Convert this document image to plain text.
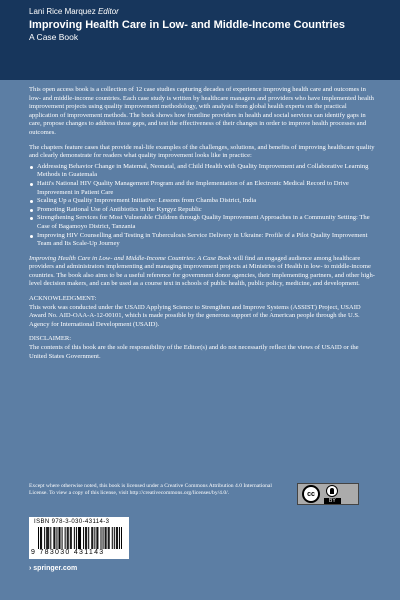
Lani Rice Marquez Editor
Improving Health Care in Low- and Middle-Income Countries
A Case Book

This open access book is a collection of 12 case studies capturing decades of experience improving health care and outcomes in low- and middle-income countries. Each case study is written by healthcare managers and providers who have implemented health improvement projects using quality improvement methodology, with analysis from global health experts on the practical application of improvement methods. The book shows how frontline providers in health and social services can identify gaps in care, propose changes to address those gaps, and test the effectiveness of their changes in order to improve health processes and outcomes.

The chapters feature cases that provide real-life examples of the challenges, solutions, and benefits of improving healthcare quality and clearly demonstrate for readers what quality improvement looks like in practice:

Addressing Behavior Change in Maternal, Neonatal, and Child Health with Quality Improvement and Collaborative Learning Methods in Guatemala
Haiti's National HIV Quality Management Program and the Implementation of an Electronic Medical Record to Drive Improvement in Patient Care
Scaling Up a Quality Improvement Initiative: Lessons from Chamba District, India
Promoting Rational Use of Antibiotics in the Kyrgyz Republic
Strengthening Services for Most Vulnerable Children through Quality Improvement Approaches in a Community Setting: The Case of Bagamoyo District, Tanzania
Improving HIV Counselling and Testing in Tuberculosis Service Delivery in Ukraine: Profile of a Pilot Quality Improvement Team and Its Scale-Up Journey

Improving Health Care in Low- and Middle-Income Countries: A Case Book will find an engaged audience among healthcare providers and administrators implementing and managing improvement projects at Ministries of Health in low- to middle-income countries. The book also aims to be a useful reference for government donor agencies, their implementing partners, and other high-level decision makers, and can be used as a course text in schools of public health, public policy, medicine, and development.

ACKNOWLEDGMENT:

This work was conducted under the USAID Applying Science to Strengthen and Improve Systems (ASSIST) Project, USAID Award No. AID-OAA-A-12-00101, which is made possible by the generous support of the American people through the U.S. Agency for International Development (USAID).

DISCLAIMER:

The contents of this book are the sole responsibility of the Editor(s) and do not necessarily reflect the views of USAID or the United States Government.

Except where otherwise noted, this book is licensed under a Creative Commons Attribution 4.0 International License. To view a copy of this license, visit http://creativecommons.org/licenses/by/4.0/.	cc
BY
ISBN 978-3-030-43114-3
9 783030 431143
› springer.com
